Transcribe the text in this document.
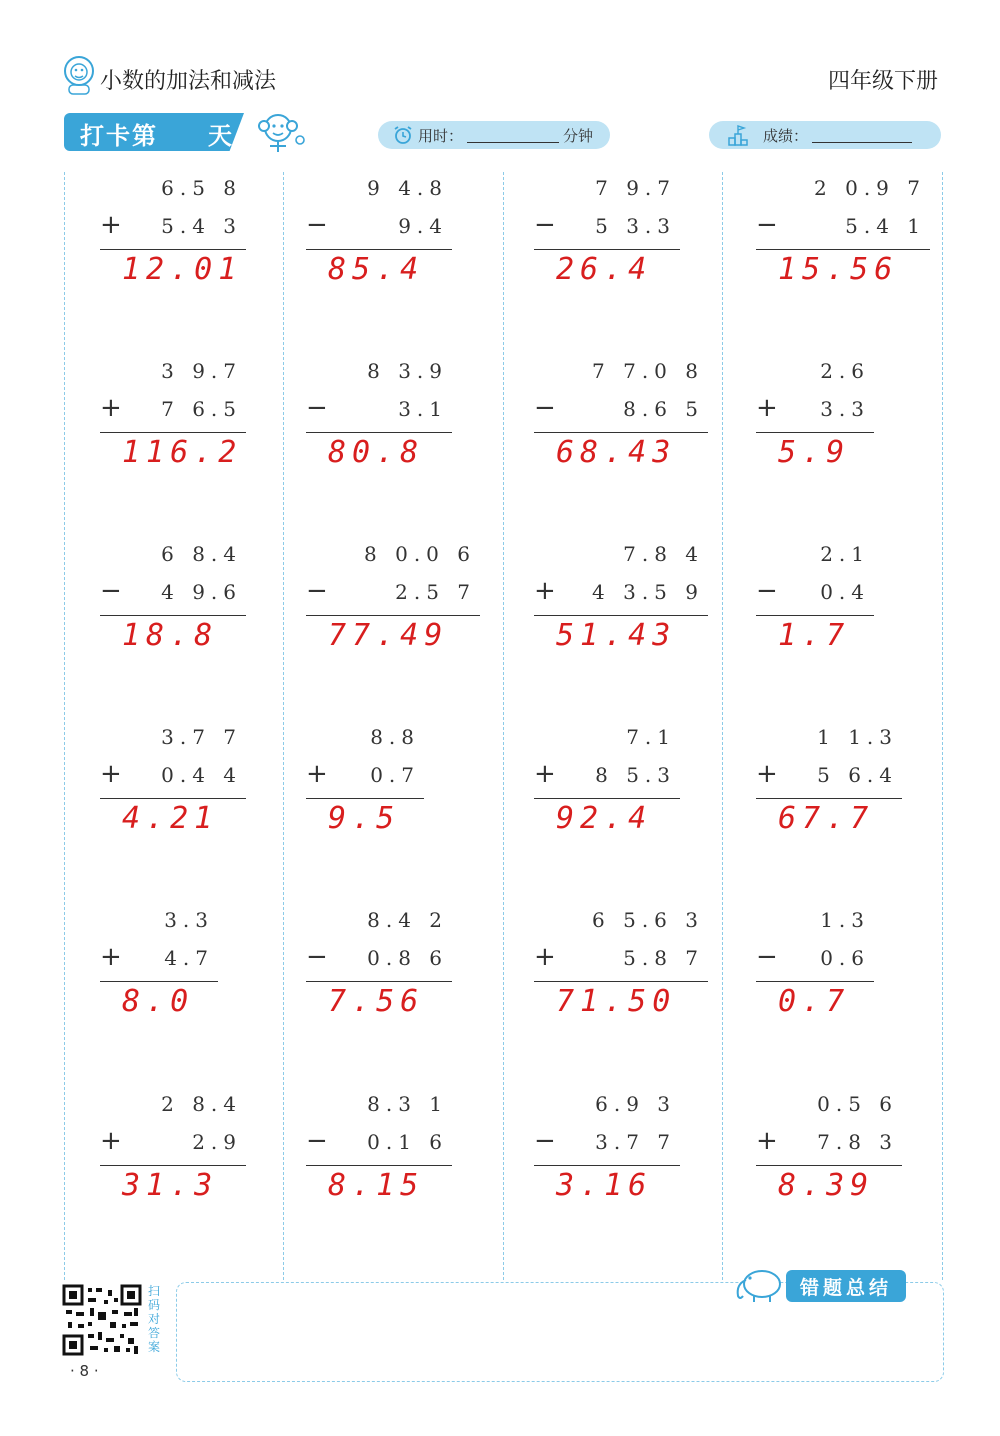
小数的加法和减法	四年级下册
打卡第 天	用时：	分钟	成绩：
6.5 8
+ 5.4 3
12.01
3 9.7
+ 7 6.5
116.2
6 8.4
− 4 9.6
18.8
3.7 7
+ 0.4 4
4.21
3.3
+ 4.7
8.0
2 8.4
+	2.9
31.3
9 4.8
−	9.4
85.4
8 3.9
−	3.1
80.8
8 0.0 6
−	2.5 7
77.49
8.8
+ 0.7
9.5
8.4 2
− 0.8 6
7.56
8.3 1
− 0.1 6
8.15
7 9.7
− 5 3.3
26.4
7 7.0 8
−	8.6 5
68.43
7.8 4
+ 4 3.5 9
51.43
7.1
+ 8 5.3
92.4
6 5.6 3
+	5.8 7
71.50
6.9 3
− 3.7 7
3.16
2 0.9 7
−	5.4 1
15.56
2.6
+ 3.3
5.9
2.1
− 0.4
1.7
1 1.3
+ 5 6.4
67.7
1.3
− 0.6
0.7
0.5 6
+ 7.8 3
8.39
错题总结
扫码对答案
· 8 ·
